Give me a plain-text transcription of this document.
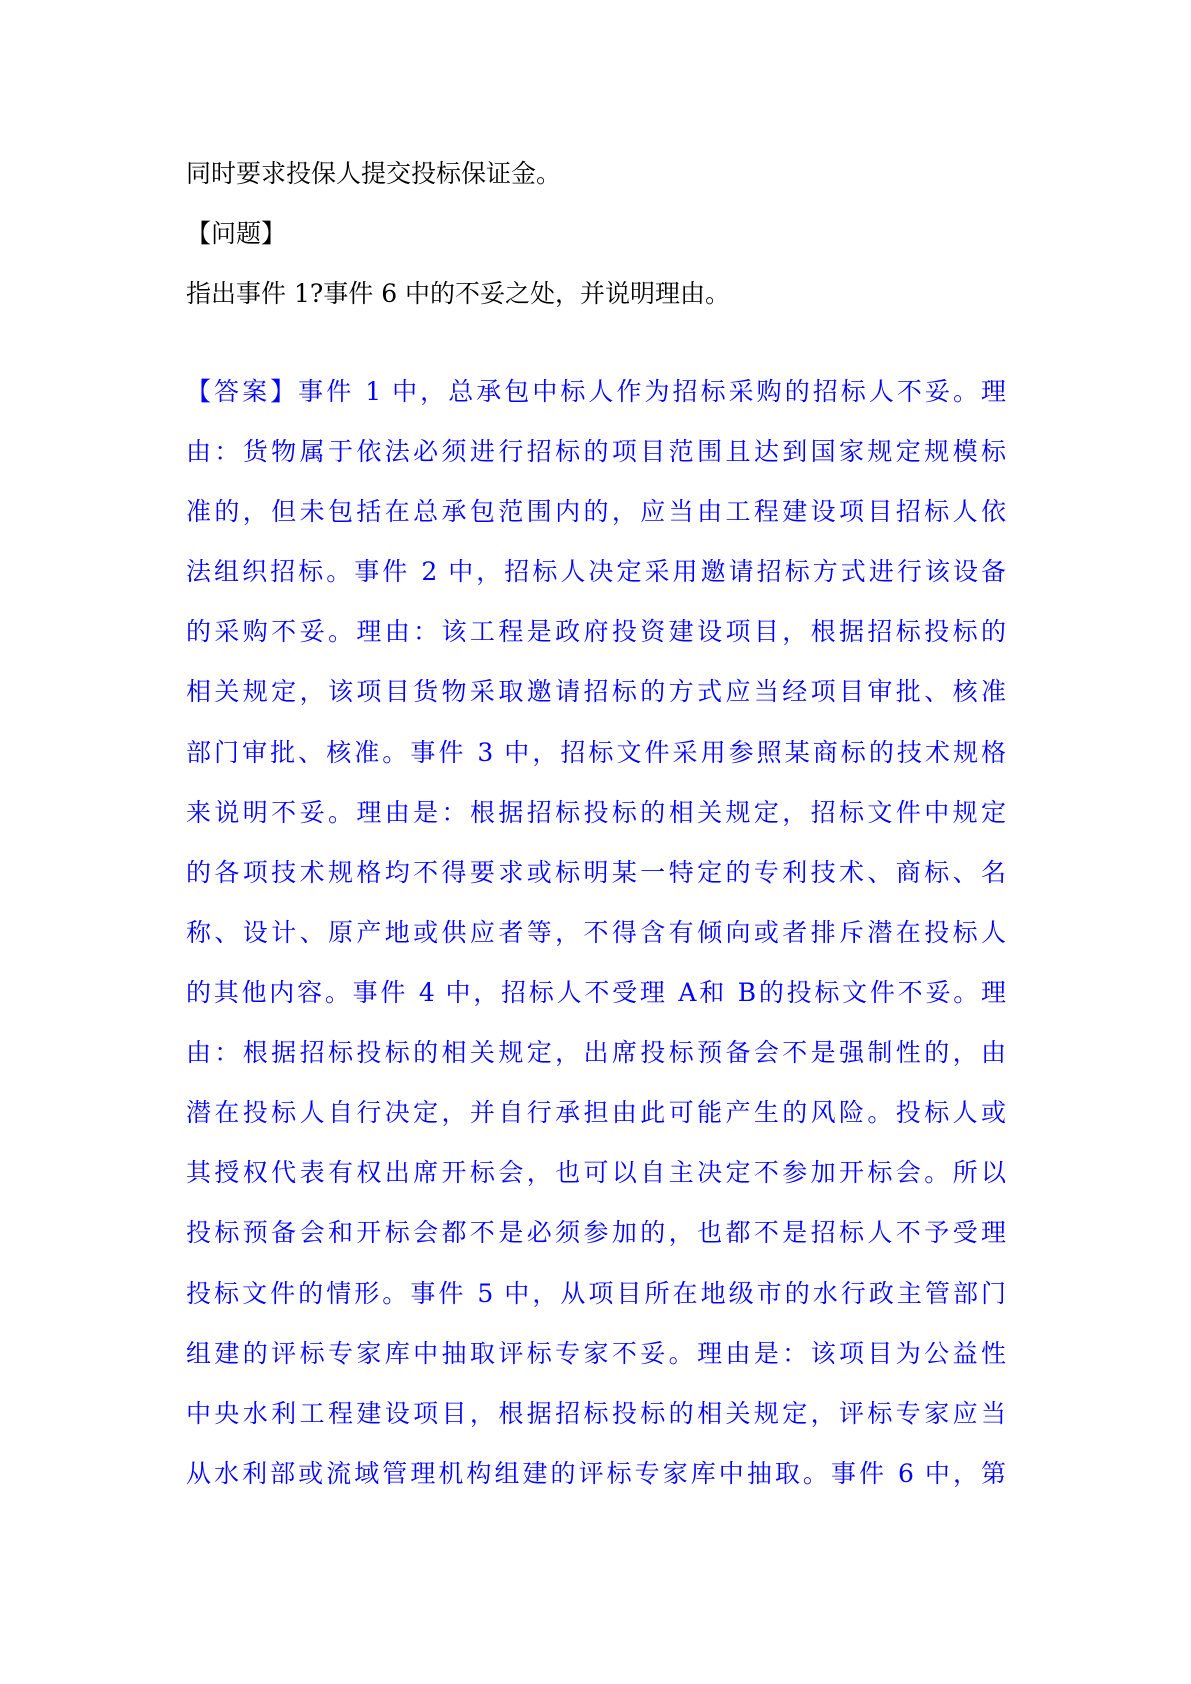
同时要求投保人提交投标保证金。

【问题】

指出事件 1?事件 6 中的不妥之处，并说明理由。

【答案】事件 1 中，总承包中标人作为招标采购的招标人不妥。理

由：货物属于依法必须进行招标的项目范围且达到国家规定规模标

准的，但未包括在总承包范围内的，应当由工程建设项目招标人依

法组织招标。事件 2 中，招标人决定采用邀请招标方式进行该设备

的采购不妥。理由：该工程是政府投资建设项目，根据招标投标的

相关规定，该项目货物采取邀请招标的方式应当经项目审批、核准

部门审批、核准。事件 3 中，招标文件采用参照某商标的技术规格

来说明不妥。理由是：根据招标投标的相关规定，招标文件中规定

的各项技术规格均不得要求或标明某一特定的专利技术、商标、名

称、设计、原产地或供应者等，不得含有倾向或者排斥潜在投标人

的其他内容。事件 4 中，招标人不受理 A和 B的投标文件不妥。理

由：根据招标投标的相关规定，出席投标预备会不是强制性的，由

潜在投标人自行决定，并自行承担由此可能产生的风险。投标人或

其授权代表有权出席开标会，也可以自主决定不参加开标会。所以

投标预备会和开标会都不是必须参加的，也都不是招标人不予受理

投标文件的情形。事件 5 中，从项目所在地级市的水行政主管部门

组建的评标专家库中抽取评标专家不妥。理由是：该项目为公益性

中央水利工程建设项目，根据招标投标的相关规定，评标专家应当

从水利部或流域管理机构组建的评标专家库中抽取。事件 6 中，第
